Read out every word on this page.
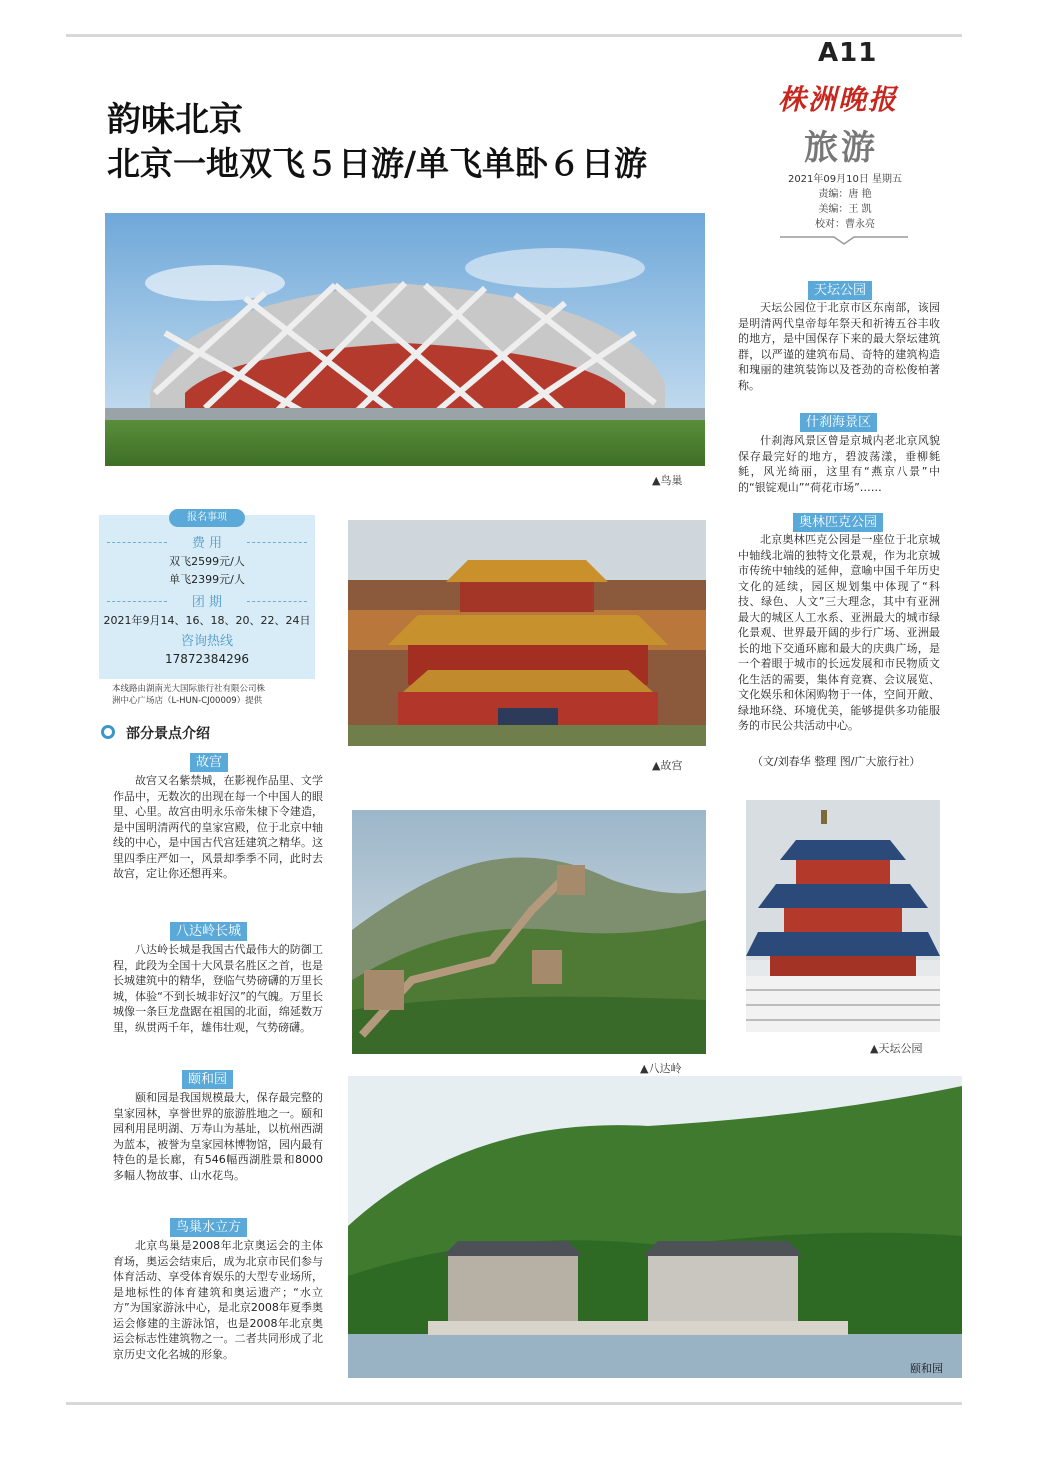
A11
株洲晚报
旅游
2021年09月10日 星期五
责编：唐 艳
美编：王 凯
校对：曹永亮
韵味北京
北京一地双飞５日游/单飞单卧６日游
▲鸟巢
天坛公园
天坛公园位于北京市区东南部，该园是明清两代皇帝每年祭天和祈祷五谷丰收的地方，是中国保存下来的最大祭坛建筑群，以严谨的建筑布局、奇特的建筑构造和瑰丽的建筑装饰以及苍劲的奇松俊柏著称。
什刹海景区
什刹海风景区曾是京城内老北京风貌保存最完好的地方，碧波荡漾，垂柳毵毵，风光绮丽，这里有“燕京八景”中的“银锭观山”“荷花市场”……
奥林匹克公园
北京奥林匹克公园是一座位于北京城中轴线北端的独特文化景观，作为北京城市传统中轴线的延伸，意喻中国千年历史文化的延续，园区规划集中体现了“科技、绿色、人文”三大理念，其中有亚洲最大的城区人工水系、亚洲最大的城市绿化景观、世界最开阔的步行广场、亚洲最长的地下交通环廊和最大的庆典广场，是一个着眼于城市的长远发展和市民物质文化生活的需要，集体育竞赛、会议展览、文化娱乐和休闲购物于一体，空间开敞、绿地环绕、环境优美，能够提供多功能服务的市民公共活动中心。
（文/刘春华 整理 图/广大旅行社）
报名事项
费 用
双飞2599元/人
单飞2399元/人
团 期
2021年9月14、16、18、20、22、24日
咨询热线
17872384296
本线路由湖南光大国际旅行社有限公司株
洲中心广场店（L-HUN-CJ00009）提供
部分景点介绍
故宫
故宫又名紫禁城，在影视作品里、文学作品中，无数次的出现在每一个中国人的眼里、心里。故宫由明永乐帝朱棣下令建造，是中国明清两代的皇家宫殿，位于北京中轴线的中心，是中国古代宫廷建筑之精华。这里四季庄严如一，风景却季季不同，此时去故宫，定让你还想再来。
八达岭长城
八达岭长城是我国古代最伟大的防御工程，此段为全国十大风景名胜区之首，也是长城建筑中的精华，登临气势磅礴的万里长城，体验“不到长城非好汉”的气魄。万里长城像一条巨龙盘踞在祖国的北面，绵延数万里，纵贯两千年，雄伟壮观，气势磅礴。
颐和园
颐和园是我国规模最大，保存最完整的皇家园林，享誉世界的旅游胜地之一。颐和园利用昆明湖、万寿山为基址，以杭州西湖为蓝本，被誉为皇家园林博物馆，园内最有特色的是长廊，有546幅西湖胜景和8000多幅人物故事、山水花鸟。
鸟巢水立方
北京鸟巢是2008年北京奥运会的主体育场，奥运会结束后，成为北京市民们参与体育活动、享受体育娱乐的大型专业场所，是地标性的体育建筑和奥运遗产；“水立方”为国家游泳中心，是北京2008年夏季奥运会修建的主游泳馆，也是2008年北京奥运会标志性建筑物之一。二者共同形成了北京历史文化名城的形象。
▲故宫
▲八达岭
▲天坛公园
颐和园
